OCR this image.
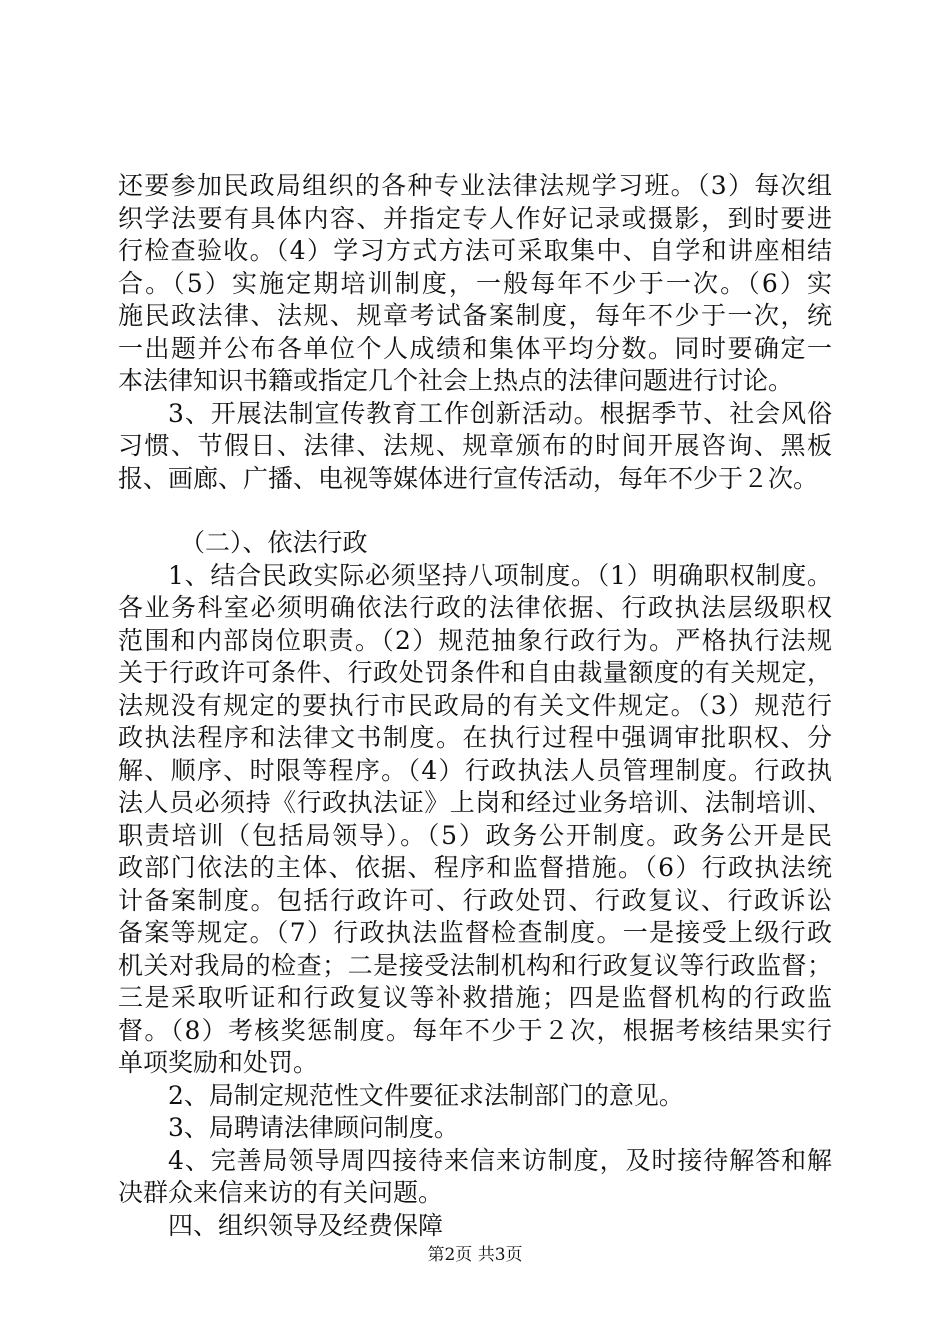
还要参加民政局组织的各种专业法律法规学习班。（3）每次组
织学法要有具体内容、并指定专人作好记录或摄影，到时要进
行检查验收。（4）学习方式方法可采取集中、自学和讲座相结
合。（5）实施定期培训制度，一般每年不少于一次。（6）实
施民政法律、法规、规章考试备案制度，每年不少于一次，统
一出题并公布各单位个人成绩和集体平均分数。同时要确定一
本法律知识书籍或指定几个社会上热点的法律问题进行讨论。
3、开展法制宣传教育工作创新活动。根据季节、社会风俗
习惯、节假日、法律、法规、规章颁布的时间开展咨询、黑板
报、画廊、广播、电视等媒体进行宣传活动，每年不少于２次。
（二）、依法行政
1、结合民政实际必须坚持八项制度。（1）明确职权制度。
各业务科室必须明确依法行政的法律依据、行政执法层级职权
范围和内部岗位职责。（2）规范抽象行政行为。严格执行法规
关于行政许可条件、行政处罚条件和自由裁量额度的有关规定，
法规没有规定的要执行市民政局的有关文件规定。（3）规范行
政执法程序和法律文书制度。在执行过程中强调审批职权、分
解、顺序、时限等程序。（4）行政执法人员管理制度。行政执
法人员必须持《行政执法证》上岗和经过业务培训、法制培训、
职责培训（包括局领导）。（5）政务公开制度。政务公开是民
政部门依法的主体、依据、程序和监督措施。（6）行政执法统
计备案制度。包括行政许可、行政处罚、行政复议、行政诉讼
备案等规定。（7）行政执法监督检查制度。一是接受上级行政
机关对我局的检查；二是接受法制机构和行政复议等行政监督；
三是采取听证和行政复议等补救措施；四是监督机构的行政监
督。（8）考核奖惩制度。每年不少于２次，根据考核结果实行
单项奖励和处罚。
2、局制定规范性文件要征求法制部门的意见。
3、局聘请法律顾问制度。
4、完善局领导周四接待来信来访制度，及时接待解答和解
决群众来信来访的有关问题。
四、组织领导及经费保障
第2页 共3页
